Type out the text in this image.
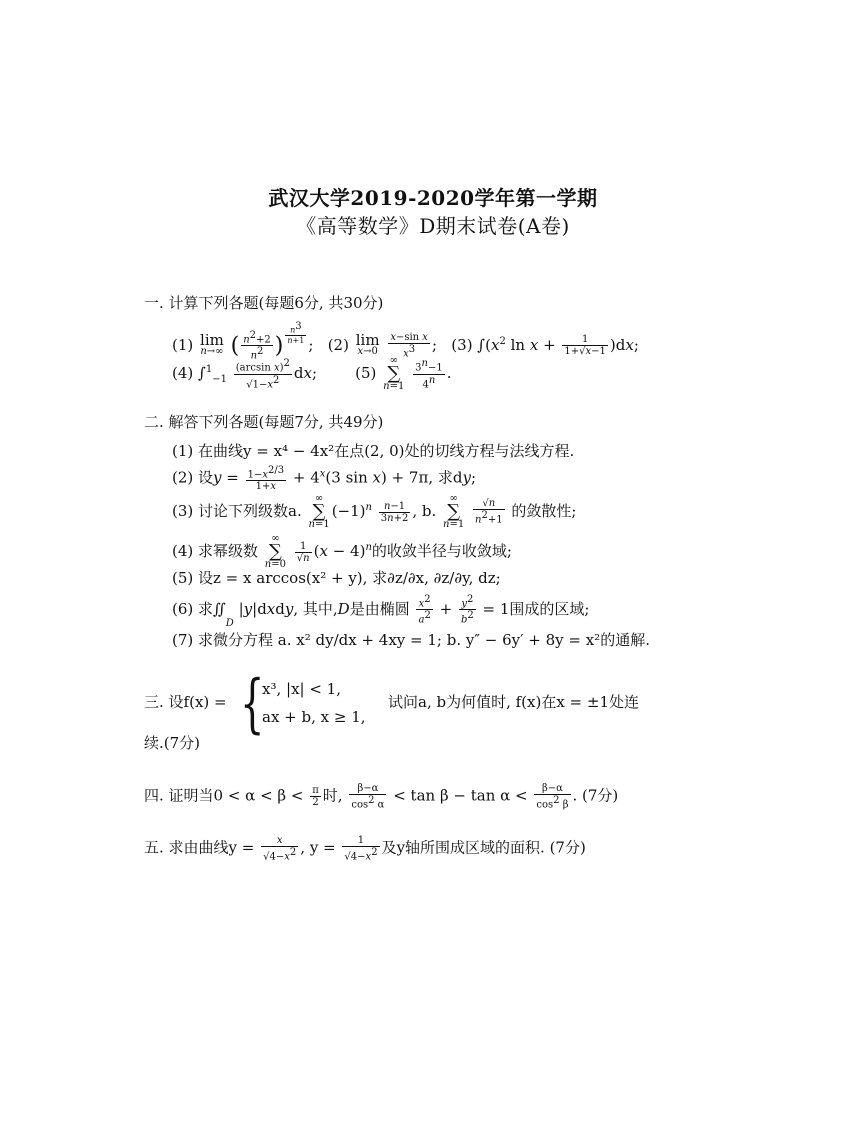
武汉大学2019-2020学年第一学期
《高等数学》D期末试卷(A卷)
一. 计算下列各题(每题6分, 共30分)
(1) lim
n→∞ ( $\frac{n^2+2}{n^2}$ ) $^{\frac{n^3}{n+1}}$
;   (2) lim
x→0
$\frac{\text{x−sin x}}{x^3}$ ;   (3) $\int(x^2$ $\ln x + \frac{1}{1+√x-1} )dx$;
(4) $\int^1_{-1} \frac{(\arcsin x)^2}{√1-x^2}$ dx;        (5) ∞
∑
$n=1 \frac{3^n-1}{4^n}$ .
二. 解答下列各题(每题7分, 共49分)
(1) 在曲线y = x⁴ − 4x²在点(2, 0)处的切线方程与法线方程.
(2) 设$y = \frac{1-x^{2/3}}{1+x} + 4^x(3$ sin x) + 7π, 求dy;
(3) 讨论下列级数a. ∞
∑
$n=1(-1)^n \frac{n-1}{3n+2}$ , b. ∞
∑
$n=1 \frac{√n}{n^2+1}$ 的敛散性;
(4) 求幂级数 ∞
∑
n=0
$\frac{1}{√n} (x - 4)^n$的收敛半径与收敛域;
(5) 设z = x arccos(x² + y), 求∂z/∂x, ∂z/∂y, dz;
(6) 求$∬_D$ |y|dxdy, 其中,D是由椭圆 $\frac{x^2}{a^2} + \frac{y^2}{b^2} = 1$围成的区域;
(7) 求微分方程 a. x² dy/dx + 4xy = 1; b. y″ − 6y′ + 8y = x²的通解.
三. 设f(x) = {
x³, |x| < 1,
ax + b, x ≥ 1,
试问a, b为何值时, f(x)在x = ±1处连
续.(7分)
四. 证明当$0 < \alpha < \beta < \frac{\pi}{2}$ 时, $\frac{\beta-\alpha}{\cos^2 \alpha} < \tan \beta - \tan \alpha < \frac{\beta-\alpha}{\cos^2 \beta}$ . (7分)
五. 求由曲线$y = \frac{x}{√4-x^2}$ , $y = \frac{1}{√4-x^2}$ 及y轴所围成区域的面积. (7分)
